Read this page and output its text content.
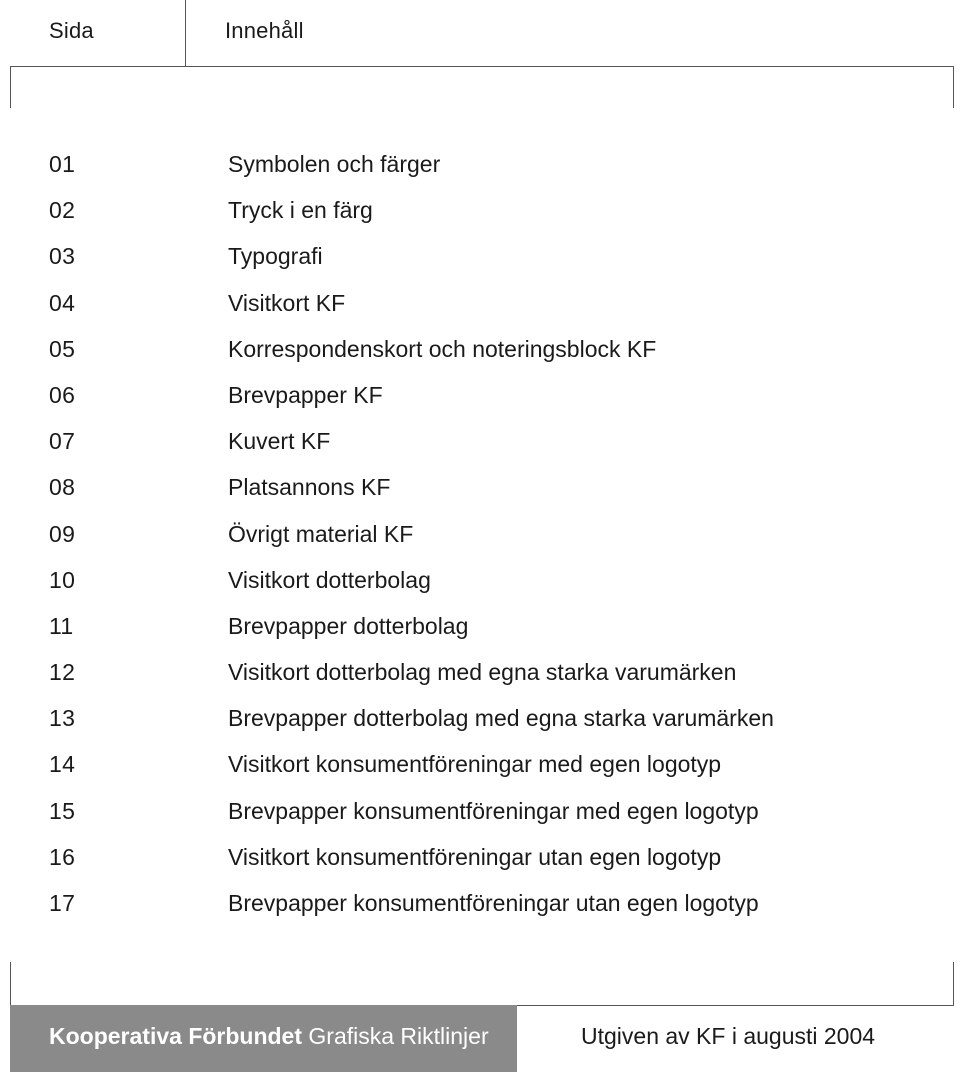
Sida	Innehåll
01	Symbolen och färger
02	Tryck i en färg
03	Typografi
04	Visitkort KF
05	Korrespondenskort och noteringsblock KF
06	Brevpapper KF
07	Kuvert KF
08	Platsannons KF
09	Övrigt material KF
10	Visitkort dotterbolag
11	Brevpapper dotterbolag
12	Visitkort dotterbolag med egna starka varumärken
13	Brevpapper dotterbolag med egna starka varumärken
14	Visitkort konsumentföreningar med egen logotyp
15	Brevpapper konsumentföreningar med egen logotyp
16	Visitkort konsumentföreningar utan egen logotyp
17	Brevpapper konsumentföreningar utan egen logotyp
Kooperativa Förbundet Grafiska Riktlinjer	Utgiven av KF i augusti 2004
